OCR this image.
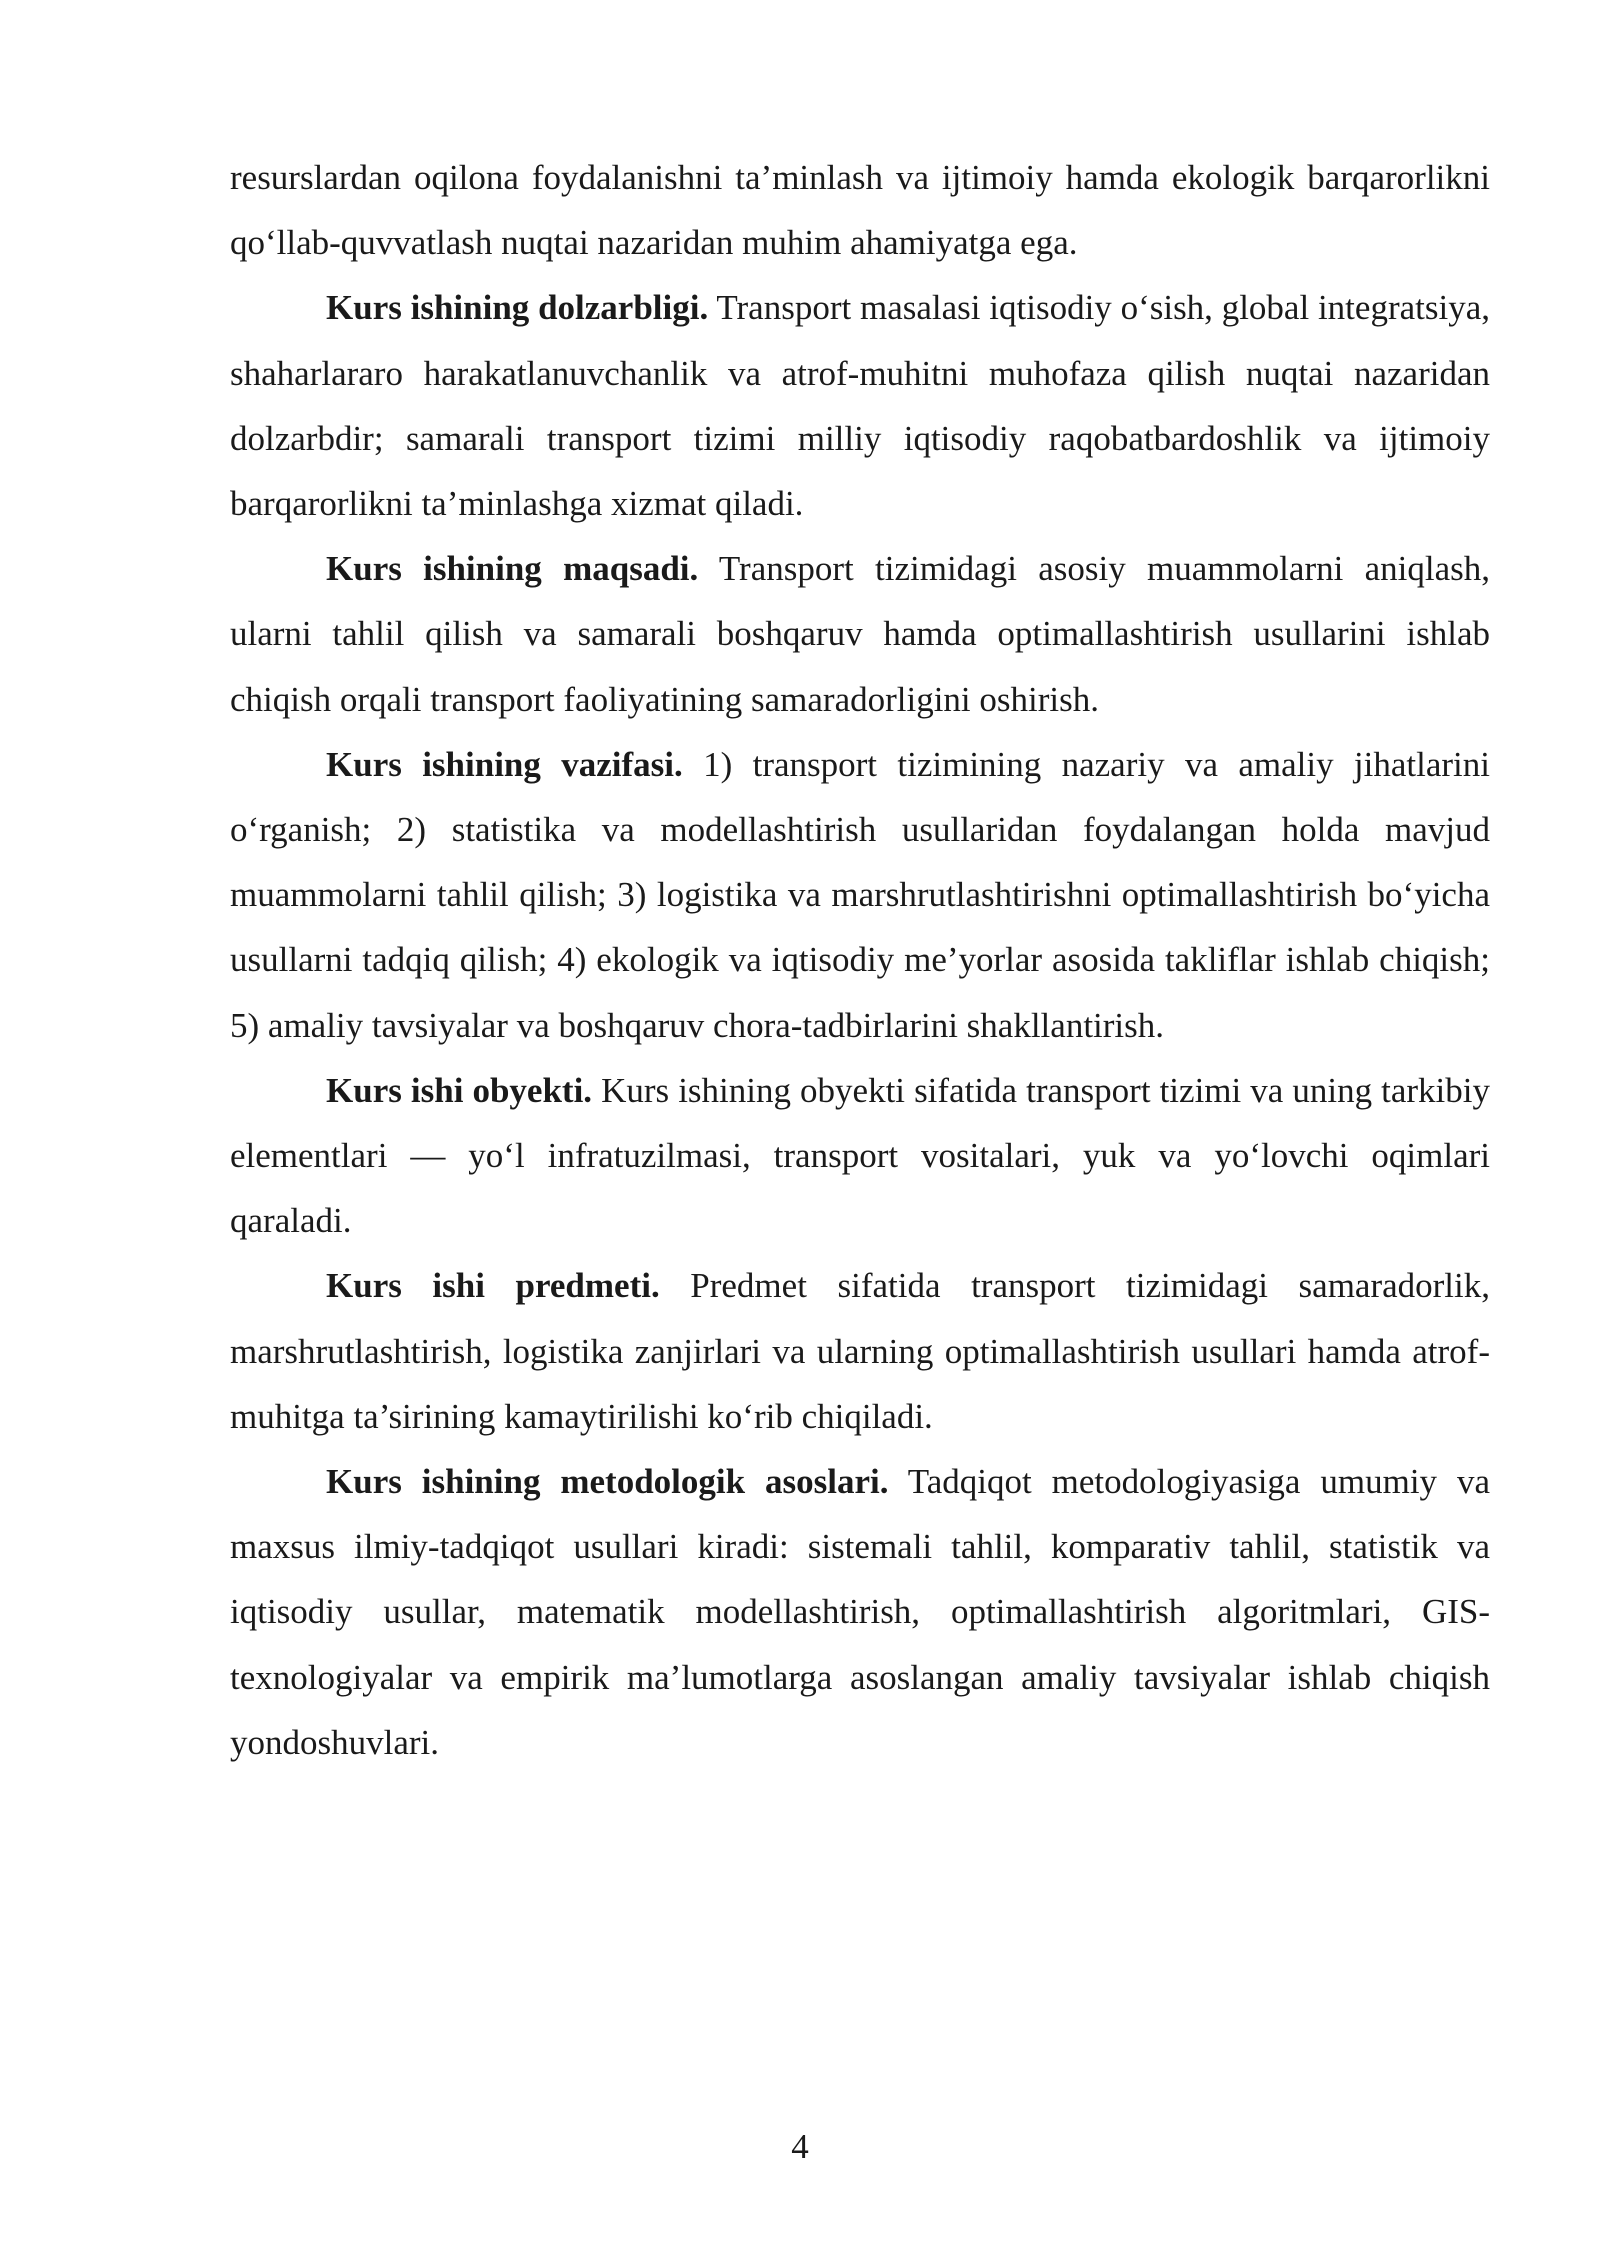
resurslardan oqilona foydalanishni ta’minlash va ijtimoiy hamda ekologik barqarorlikni qo‘llab-quvvatlash nuqtai nazaridan muhim ahamiyatga ega.

Kurs ishining dolzarbligi. Transport masalasi iqtisodiy o‘sish, global integratsiya, shaharlararo harakatlanuvchanlik va atrof-muhitni muhofaza qilish nuqtai nazaridan dolzarbdir; samarali transport tizimi milliy iqtisodiy raqobatbardoshlik va ijtimoiy barqarorlikni ta’minlashga xizmat qiladi.

Kurs ishining maqsadi. Transport tizimidagi asosiy muammolarni aniqlash, ularni tahlil qilish va samarali boshqaruv hamda optimallashtirish usullarini ishlab chiqish orqali transport faoliyatining samaradorligini oshirish.

Kurs ishining vazifasi. 1) transport tizimining nazariy va amaliy jihatlarini o‘rganish; 2) statistika va modellashtirish usullaridan foydalangan holda mavjud muammolarni tahlil qilish; 3) logistika va marshrutlashtirishni optimallashtirish bo‘yicha usullarni tadqiq qilish; 4) ekologik va iqtisodiy me’yorlar asosida takliflar ishlab chiqish; 5) amaliy tavsiyalar va boshqaruv chora-tadbirlarini shakllantirish.

Kurs ishi obyekti. Kurs ishining obyekti sifatida transport tizimi va uning tarkibiy elementlari — yo‘l infratuzilmasi, transport vositalari, yuk va yo‘lovchi oqimlari qaraladi.

Kurs ishi predmeti. Predmet sifatida transport tizimidagi samaradorlik, marshrutlashtirish, logistika zanjirlari va ularning optimallashtirish usullari hamda atrof-muhitga ta’sirining kamaytirilishi ko‘rib chiqiladi.

Kurs ishining metodologik asoslari. Tadqiqot metodologiyasiga umumiy va maxsus ilmiy-tadqiqot usullari kiradi: sistemali tahlil, komparativ tahlil, statistik va iqtisodiy usullar, matematik modellashtirish, optimallashtirish algoritmlari, GIS-texnologiyalar va empirik ma’lumotlarga asoslangan amaliy tavsiyalar ishlab chiqish yondoshuvlari.

4
